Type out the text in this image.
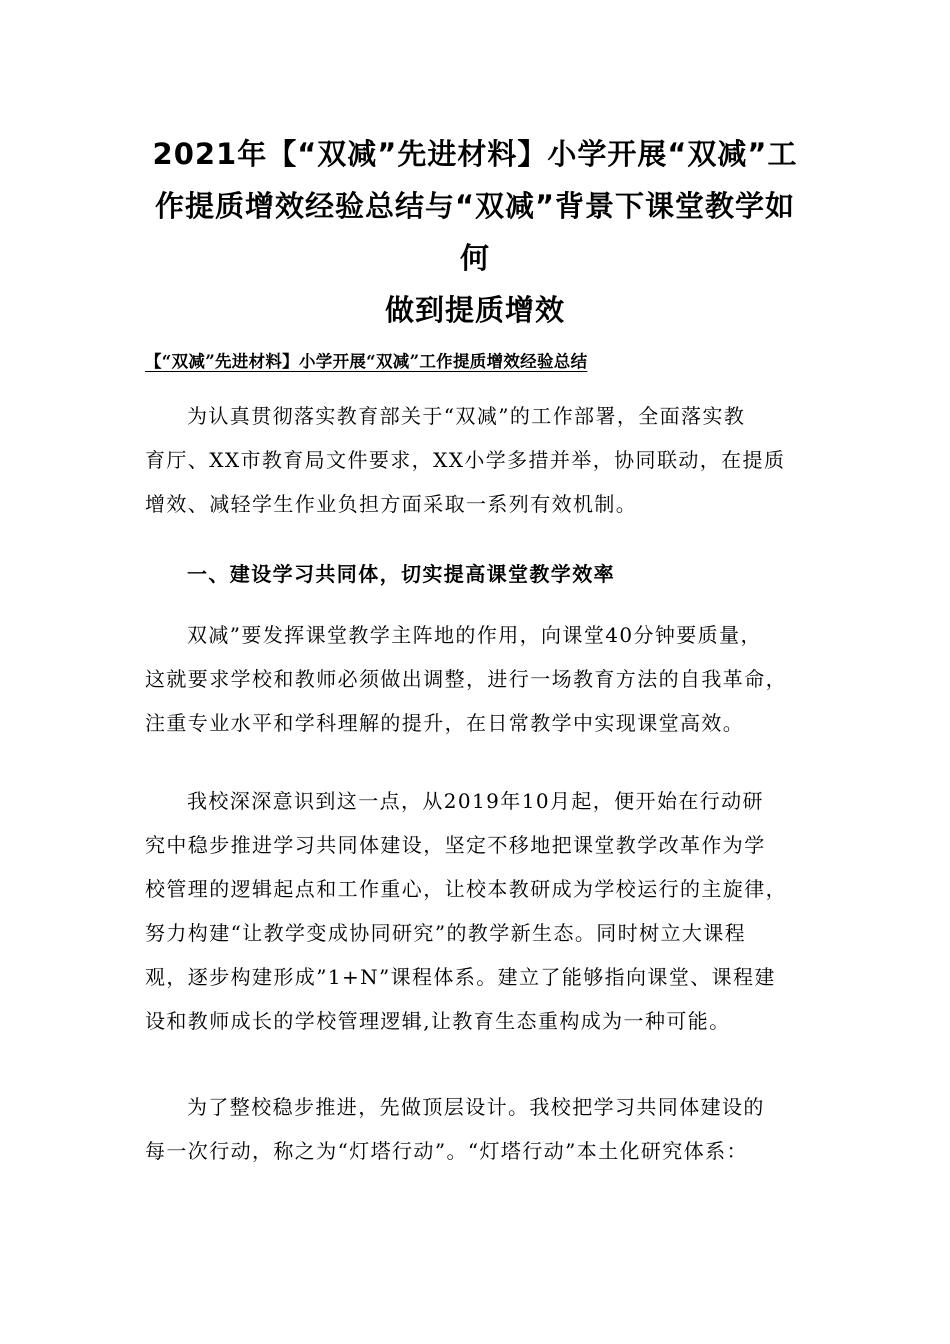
2021年【“双减”先进材料】小学开展“双减”工
作提质增效经验总结与“双减”背景下课堂教学如何
做到提质增效
【“双减”先进材料】小学开展“双减”工作提质增效经验总结
为认真贯彻落实教育部关于“双减”的工作部署，全面落实教
育厅、XX市教育局文件要求，XX小学多措并举，协同联动，在提质
增效、减轻学生作业负担方面采取一系列有效机制。
一、建设学习共同体，切实提高课堂教学效率
双减”要发挥课堂教学主阵地的作用，向课堂40分钟要质量，
这就要求学校和教师必须做出调整，进行一场教育方法的自我革命，
注重专业水平和学科理解的提升，在日常教学中实现课堂高效。
我校深深意识到这一点，从2019年10月起，便开始在行动研
究中稳步推进学习共同体建设，坚定不移地把课堂教学改革作为学
校管理的逻辑起点和工作重心，让校本教研成为学校运行的主旋律，
努力构建“让教学变成协同研究”的教学新生态。同时树立大课程
观，逐步构建形成”1+N”课程体系。建立了能够指向课堂、课程建
设和教师成长的学校管理逻辑,让教育生态重构成为一种可能。
为了整校稳步推进，先做顶层设计。我校把学习共同体建设的
每一次行动，称之为“灯塔行动”。“灯塔行动”本土化研究体系：
